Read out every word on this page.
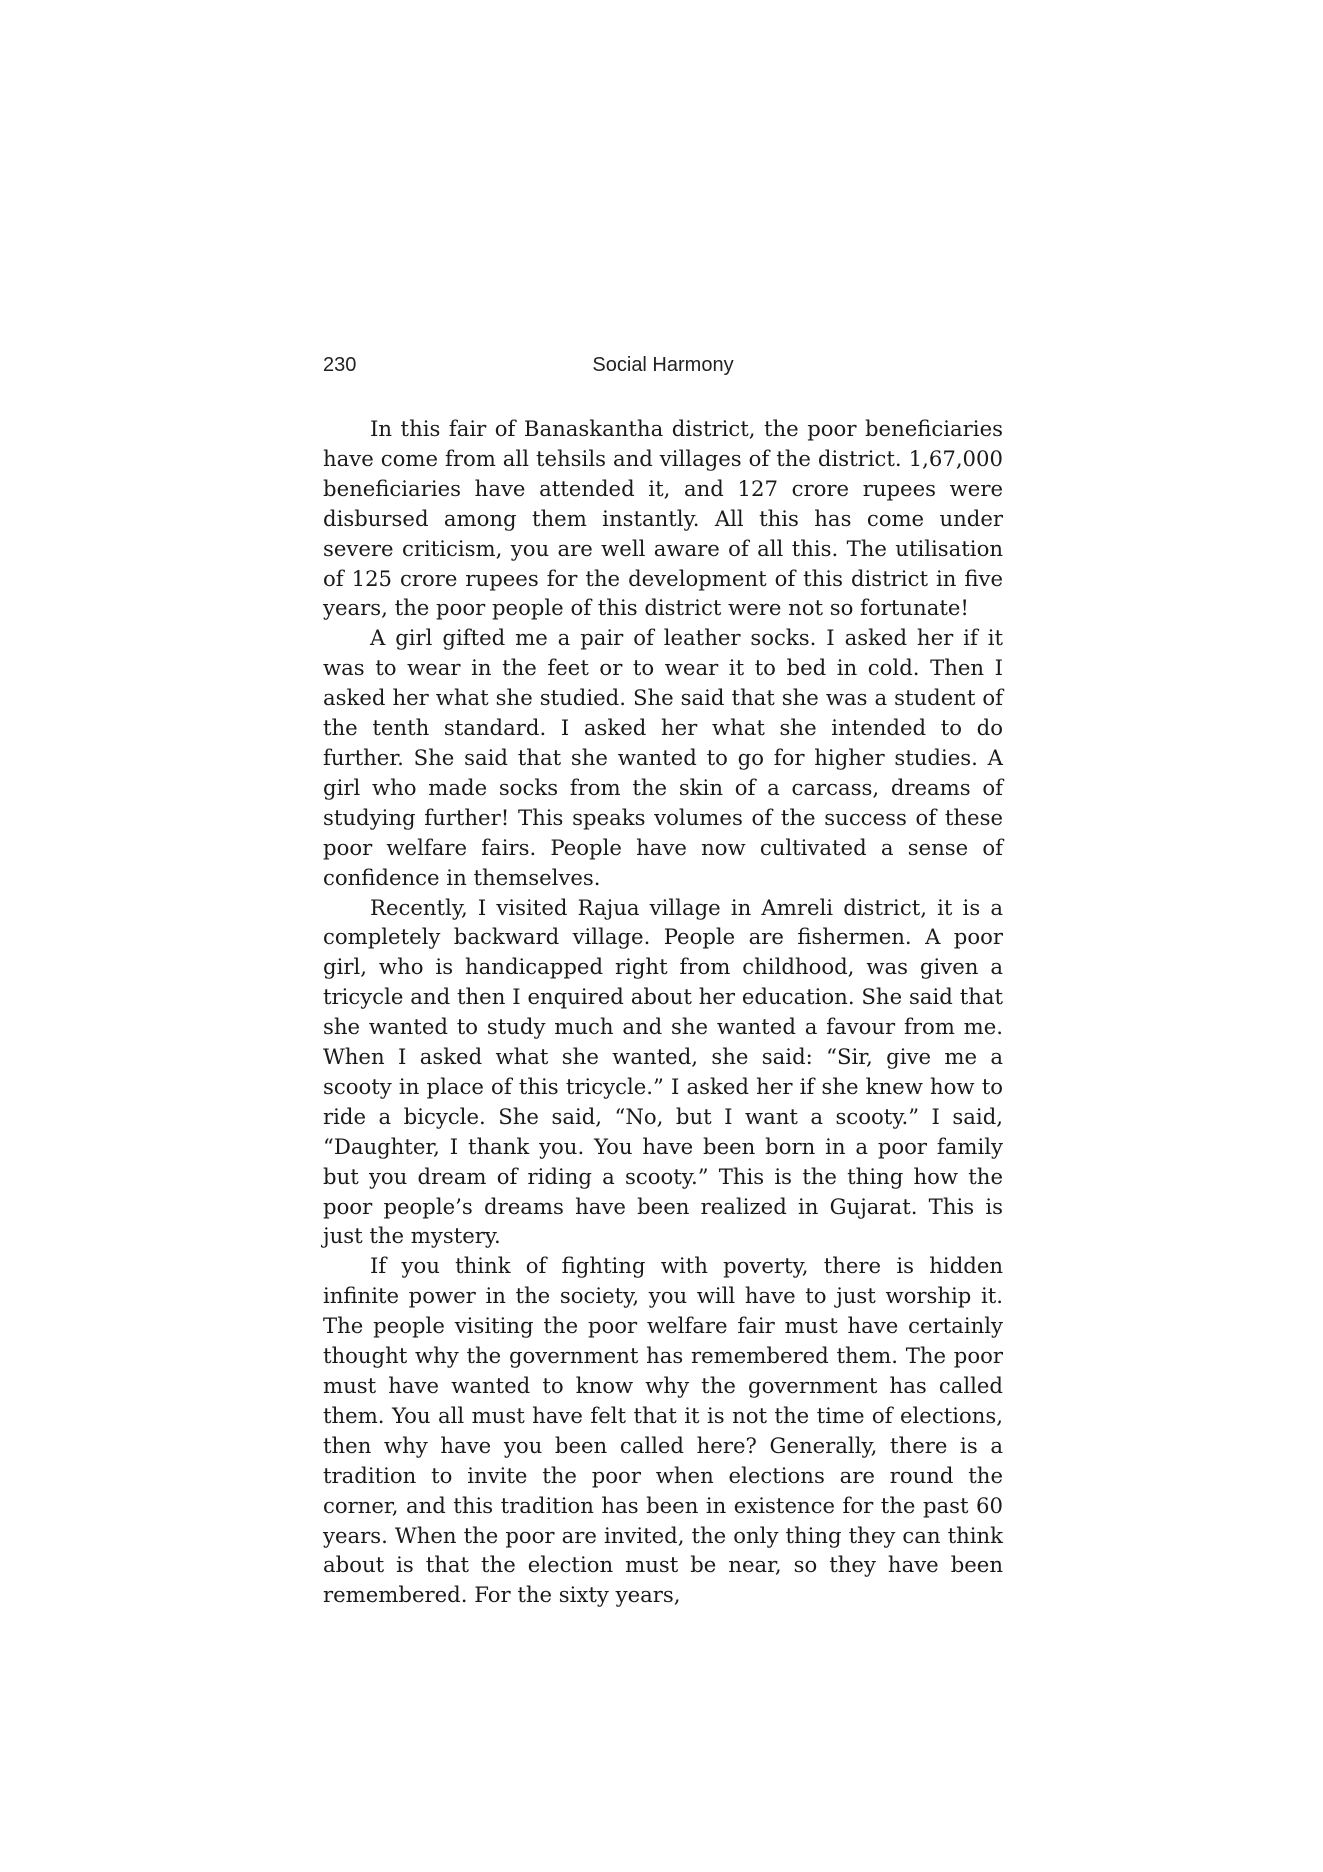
230	Social Harmony

In this fair of Banaskantha district, the poor beneficiaries have come from all tehsils and villages of the district. 1,67,000 beneficiaries have attended it, and 127 crore rupees were disbursed among them instantly. All this has come under severe criticism, you are well aware of all this. The utilisation of 125 crore rupees for the development of this district in five years, the poor people of this district were not so fortunate!

A girl gifted me a pair of leather socks. I asked her if it was to wear in the feet or to wear it to bed in cold. Then I asked her what she studied. She said that she was a student of the tenth standard. I asked her what she intended to do further. She said that she wanted to go for higher studies. A girl who made socks from the skin of a carcass, dreams of studying further! This speaks volumes of the success of these poor welfare fairs. People have now cultivated a sense of confidence in themselves.

Recently, I visited Rajua village in Amreli district, it is a completely backward village. People are fishermen. A poor girl, who is handicapped right from childhood, was given a tricycle and then I enquired about her education. She said that she wanted to study much and she wanted a favour from me. When I asked what she wanted, she said: “Sir, give me a scooty in place of this tricycle.” I asked her if she knew how to ride a bicycle. She said, “No, but I want a scooty.” I said, “Daughter, I thank you. You have been born in a poor family but you dream of riding a scooty.” This is the thing how the poor people’s dreams have been realized in Gujarat. This is just the mystery.

If you think of fighting with poverty, there is hidden infinite power in the society, you will have to just worship it. The people visiting the poor welfare fair must have certainly thought why the government has remembered them. The poor must have wanted to know why the government has called them. You all must have felt that it is not the time of elections, then why have you been called here? Generally, there is a tradition to invite the poor when elections are round the corner, and this tradition has been in existence for the past 60 years. When the poor are invited, the only thing they can think about is that the election must be near, so they have been remembered. For the sixty years,
